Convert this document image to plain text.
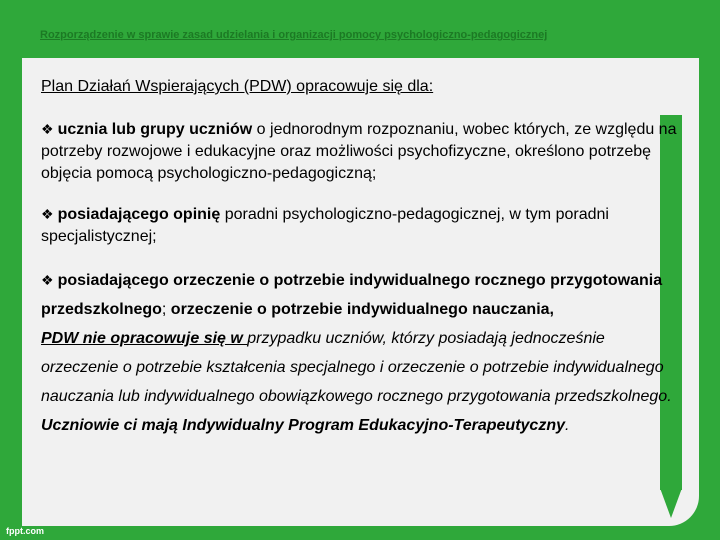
Rozporządzenie w sprawie zasad udzielania i organizacji pomocy psychologiczno-pedagogicznej

Plan Działań Wspierających (PDW) opracowuje się dla:

❖ ucznia lub grupy uczniów o jednorodnym rozpoznaniu, wobec których, ze względu na potrzeby rozwojowe i edukacyjne oraz możliwości psychofizyczne, określono potrzebę objęcia pomocą psychologiczno-pedagogiczną;

❖ posiadającego opinię poradni psychologiczno-pedagogicznej, w tym poradni specjalistycznej;

❖ posiadającego orzeczenie o potrzebie indywidualnego rocznego przygotowania przedszkolnego; orzeczenie o potrzebie indywidualnego nauczania,

PDW nie opracowuje się w przypadku uczniów, którzy posiadają jednocześnie orzeczenie o potrzebie kształcenia specjalnego i orzeczenie o potrzebie indywidualnego nauczania lub indywidualnego obowiązkowego rocznego przygotowania przedszkolnego.

Uczniowie ci mają Indywidualny Program Edukacyjno-Terapeutyczny.

fppt.com
